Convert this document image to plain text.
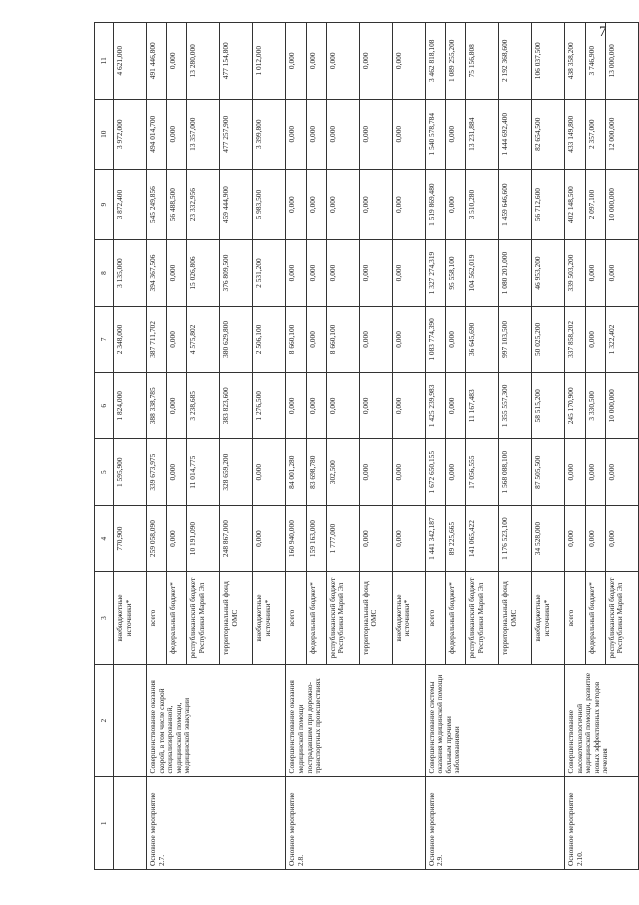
7
1	2	3	4	5	6	7	8	9	10	11
		внебюджетные источники*	770,900	1 595,900	1 824,000	2 348,000	3 135,000	3 872,400	3 972,000	4 621,000
Основное мероприятие 2.7.	Совершенствование оказания скорой, в том числе скорой специализированной, медицинской помощи, медицинской эвакуации	всего	259 058,090	339 673,975	388 338,785	387 711,702	394 367,506	545 249,856	494 014,700	491 446,800
		федеральный бюджет*	0,000	0,000	0,000	0,000	0,000	56 488,500	0,000	0,000
		республиканский бюджет Республики Марий Эл	10 191,090	11 014,775	3 238,685	4 575,802	15 026,806	23 332,956	13 357,000	13 280,000
		территориальный фонд ОМС	248 867,000	328 659,200	383 823,600	380 629,800	376 809,500	459 444,900	477 257,900	477 154,800
		внебюджетные источники*	0,000	0,000	1 276,500	2 506,100	2 531,200	5 983,500	3 399,800	1 012,000
Основное мероприятие 2.8.	Совершенствование оказания медицинской помощи пострадавшим при дорожно-транспортных происшествиях	всего	160 940,000	84 001,280	0,000	8 660,100	0,000	0,000	0,000	0,000
		федеральный бюджет*	159 163,000	83 698,780	0,000	0,000	0,000	0,000	0,000	0,000
		республиканский бюджет Республики Марий Эл	1 777,000	302,500	0,000	8 660,100	0,000	0,000	0,000	0,000
		территориальный фонд ОМС	0,000	0,000	0,000	0,000	0,000	0,000	0,000	0,000
		внебюджетные источники*	0,000	0,000	0,000	0,000	0,000	0,000	0,000	0,000
Основное мероприятие 2.9.	Совершенствование системы оказания медицинской помощи больным прочими заболеваниями	всего	1 441 342,187	1 672 650,155	1 425 239,983	1 083 774,390	1 327 274,319	1 519 869,480	1 540 578,784	3 462 818,108
		федеральный бюджет*	89 225,665	0,000	0,000	0,000	95 558,100	0,000	0,000	1 089 255,200
		республиканский бюджет Республики Марий Эл	141 065,422	17 056,555	11 167,483	36 645,690	104 562,019	3 510,280	13 231,884	75 156,808
		территориальный фонд ОМС	1 176 523,100	1 568 088,100	1 355 557,300	997 103,500	1 080 201,000	1 459 646,600	1 444 692,400	2 192 368,600
		внебюджетные источники*	34 528,000	87 505,500	58 515,200	50 025,200	46 953,200	56 712,600	82 654,500	106 037,500
Основное мероприятие 2.10.	Совершенствование высокотехнологичной медицинской помощи, развитие новых эффективных методов лечения	всего	0,000	0,000	245 170,900	337 858,202	339 503,200	402 148,500	433 149,800	438 358,200
		федеральный бюджет*	0,000	0,000	3 330,500	0,000	0,000	2 097,100	2 357,000	3 746,900
		республиканский бюджет Республики Марий Эл	0,000	0,000	10 000,000	1 322,402	0,000	10 000,000	12 000,000	13 000,000
